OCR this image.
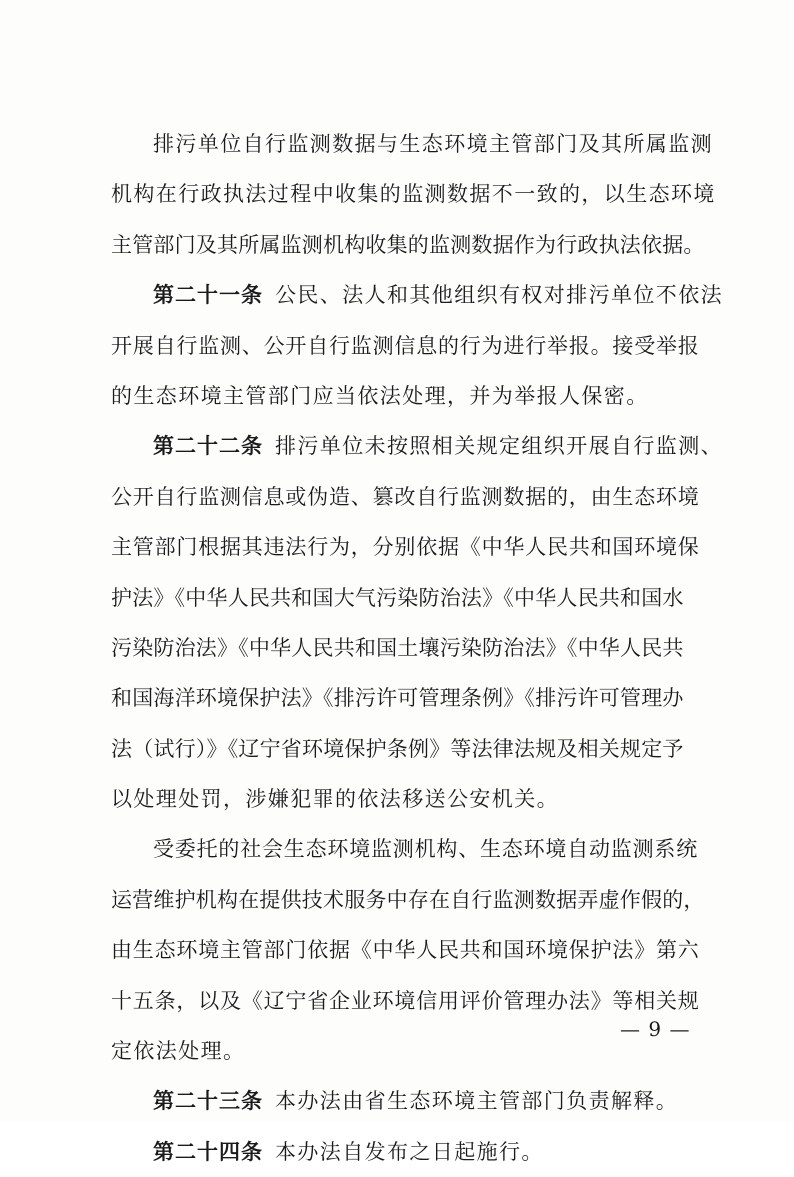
排污单位自行监测数据与生态环境主管部门及其所属监测
机构在行政执法过程中收集的监测数据不一致的，以生态环境
主管部门及其所属监测机构收集的监测数据作为行政执法依据。
第二十一条 公民、法人和其他组织有权对排污单位不依法
开展自行监测、公开自行监测信息的行为进行举报。接受举报
的生态环境主管部门应当依法处理，并为举报人保密。
第二十二条 排污单位未按照相关规定组织开展自行监测、
公开自行监测信息或伪造、篡改自行监测数据的，由生态环境
主管部门根据其违法行为，分别依据《中华人民共和国环境保
护法》《中华人民共和国大气污染防治法》《中华人民共和国水
污染防治法》《中华人民共和国土壤污染防治法》《中华人民共
和国海洋环境保护法》《排污许可管理条例》《排污许可管理办
法（试行）》《辽宁省环境保护条例》等法律法规及相关规定予
以处理处罚，涉嫌犯罪的依法移送公安机关。
受委托的社会生态环境监测机构、生态环境自动监测系统
运营维护机构在提供技术服务中存在自行监测数据弄虚作假的，
由生态环境主管部门依据《中华人民共和国环境保护法》第六
十五条，以及《辽宁省企业环境信用评价管理办法》等相关规
定依法处理。
第二十三条 本办法由省生态环境主管部门负责解释。
第二十四条 本办法自发布之日起施行。
— 9 —
